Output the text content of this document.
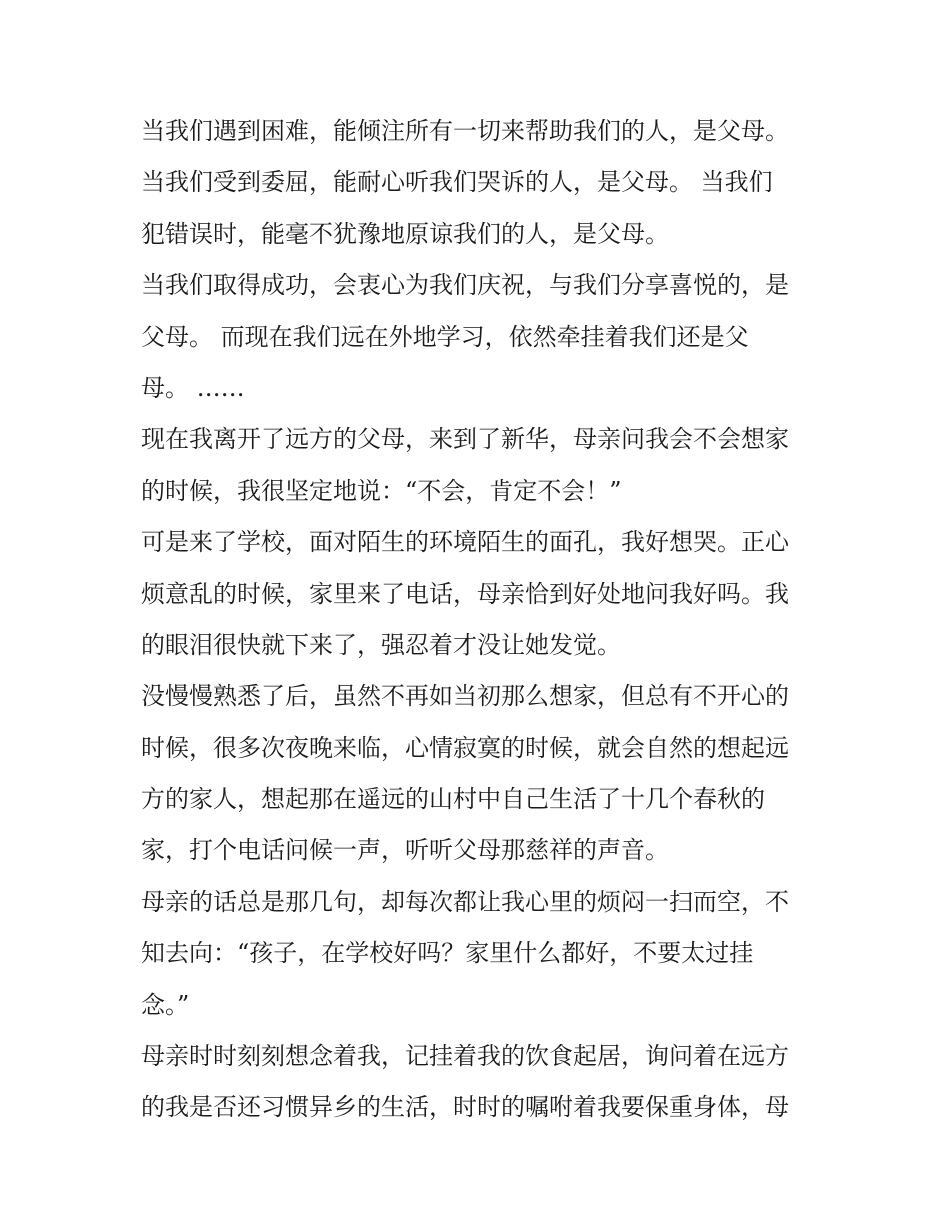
当我们遇到困难，能倾注所有一切来帮助我们的人，是父母。
当我们受到委屈，能耐心听我们哭诉的人，是父母。 当我们
犯错误时，能毫不犹豫地原谅我们的人，是父母。
当我们取得成功，会衷心为我们庆祝，与我们分享喜悦的，是
父母。 而现在我们远在外地学习，依然牵挂着我们还是父
母。 ……
现在我离开了远方的父母，来到了新华，母亲问我会不会想家
的时候，我很坚定地说：“不会，肯定不会！”
可是来了学校，面对陌生的环境陌生的面孔，我好想哭。正心
烦意乱的时候，家里来了电话，母亲恰到好处地问我好吗。我
的眼泪很快就下来了，强忍着才没让她发觉。
没慢慢熟悉了后，虽然不再如当初那么想家，但总有不开心的
时候，很多次夜晚来临，心情寂寞的时候，就会自然的想起远
方的家人，想起那在遥远的山村中自己生活了十几个春秋的
家，打个电话问候一声，听听父母那慈祥的声音。
母亲的话总是那几句，却每次都让我心里的烦闷一扫而空，不
知去向：“孩子，在学校好吗？家里什么都好，不要太过挂
念。”
母亲时时刻刻想念着我，记挂着我的饮食起居，询问着在远方
的我是否还习惯异乡的生活，时时的嘱咐着我要保重身体，母
